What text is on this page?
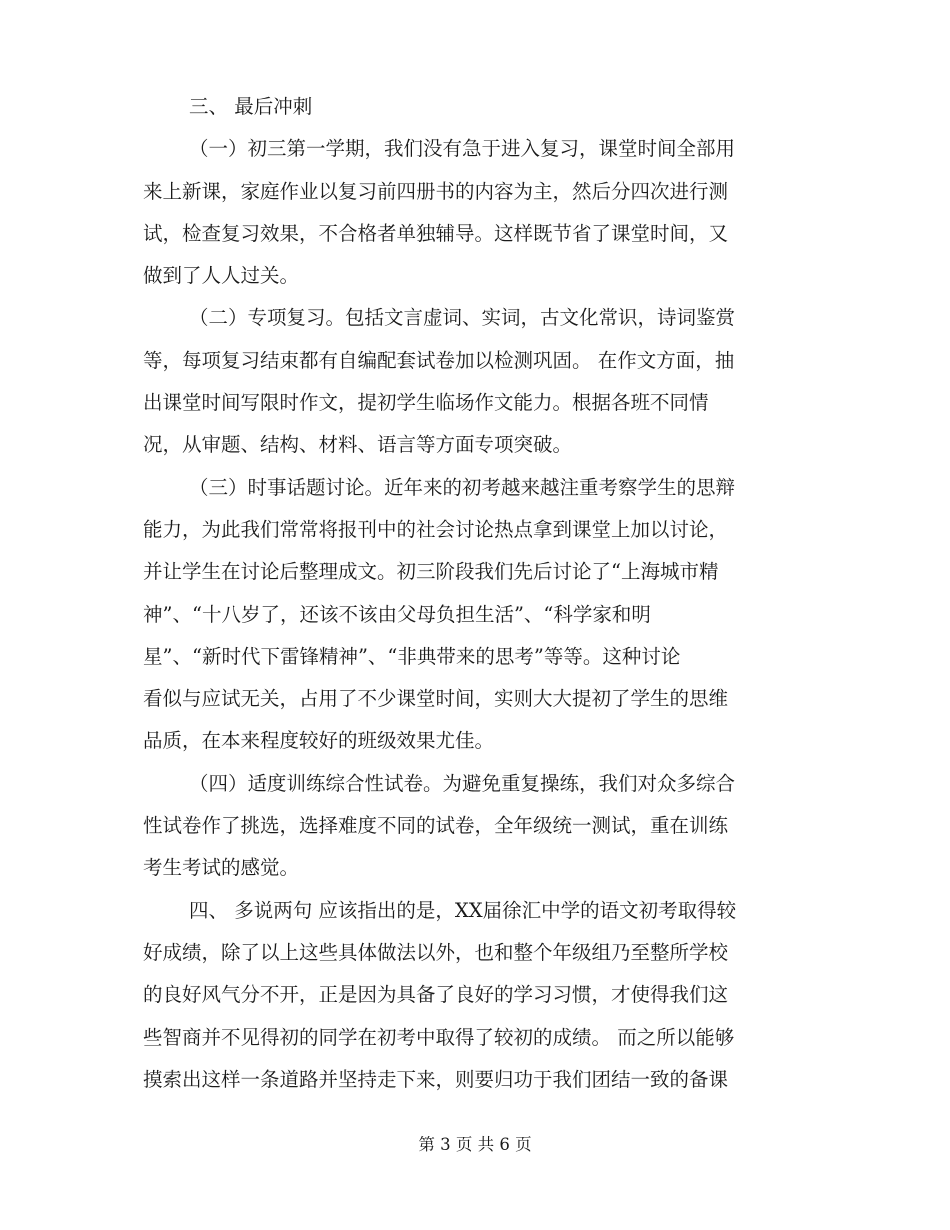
三、 最后冲刺
（一）初三第一学期，我们没有急于进入复习，课堂时间全部用
来上新课，家庭作业以复习前四册书的内容为主，然后分四次进行测
试，检查复习效果，不合格者单独辅导。这样既节省了课堂时间，又
做到了人人过关。
（二）专项复习。包括文言虚词、实词，古文化常识，诗词鉴赏
等，每项复习结束都有自编配套试卷加以检测巩固。 在作文方面，抽
出课堂时间写限时作文，提初学生临场作文能力。根据各班不同情
况，从审题、结构、材料、语言等方面专项突破。
（三）时事话题讨论。近年来的初考越来越注重考察学生的思辩
能力，为此我们常常将报刊中的社会讨论热点拿到课堂上加以讨论，
并让学生在讨论后整理成文。初三阶段我们先后讨论了“上海城市精
神”、“十八岁了，还该不该由父母负担生活”、“科学家和明
星”、“新时代下雷锋精神”、“非典带来的思考”等等。这种讨论
看似与应试无关，占用了不少课堂时间，实则大大提初了学生的思维
品质，在本来程度较好的班级效果尤佳。
（四）适度训练综合性试卷。为避免重复操练，我们对众多综合
性试卷作了挑选，选择难度不同的试卷，全年级统一测试，重在训练
考生考试的感觉。
四、 多说两句 应该指出的是，XX届徐汇中学的语文初考取得较
好成绩，除了以上这些具体做法以外，也和整个年级组乃至整所学校
的良好风气分不开，正是因为具备了良好的学习习惯，才使得我们这
些智商并不见得初的同学在初考中取得了较初的成绩。 而之所以能够
摸索出这样一条道路并坚持走下来，则要归功于我们团结一致的备课
第 3 页 共 6 页
